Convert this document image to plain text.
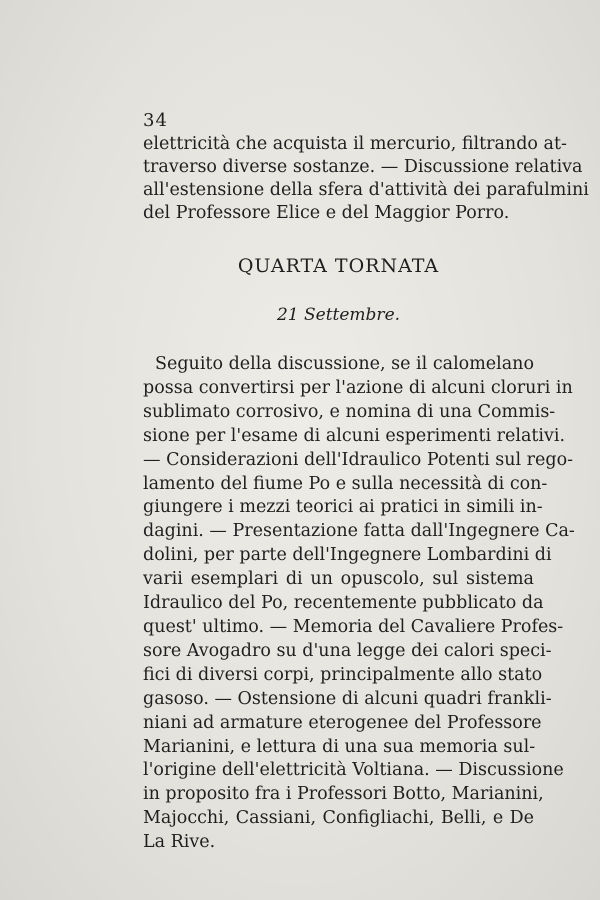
34
elettricità che acquista il mercurio, filtrando at-
traverso diverse sostanze. — Discussione relativa
all'estensione della sfera d'attività dei parafulmini
del Professore Elice e del Maggior Porro.
QUARTA TORNATA
21 Settembre.
Seguito della discussione, se il calomelano
possa convertirsi per l'azione di alcuni cloruri in
sublimato corrosivo, e nomina di una Commis-
sione per l'esame di alcuni esperimenti relativi.
— Considerazioni dell'Idraulico Potenti sul rego-
lamento del fiume Po e sulla necessità di con-
giungere i mezzi teorici ai pratici in simili in-
dagini. — Presentazione fatta dall'Ingegnere Ca-
dolini, per parte dell'Ingegnere Lombardini di
varii esemplari di un opuscolo, sul sistema
Idraulico del Po, recentemente pubblicato da
quest' ultimo. — Memoria del Cavaliere Profes-
sore Avogadro su d'una legge dei calori speci-
fici di diversi corpi, principalmente allo stato
gasoso. — Ostensione di alcuni quadri frankli-
niani ad armature eterogenee del Professore
Marianini, e lettura di una sua memoria sul-
l'origine dell'elettricità Voltiana. — Discussione
in proposito fra i Professori Botto, Marianini,
Majocchi, Cassiani, Configliachi, Belli, e De
La Rive.
